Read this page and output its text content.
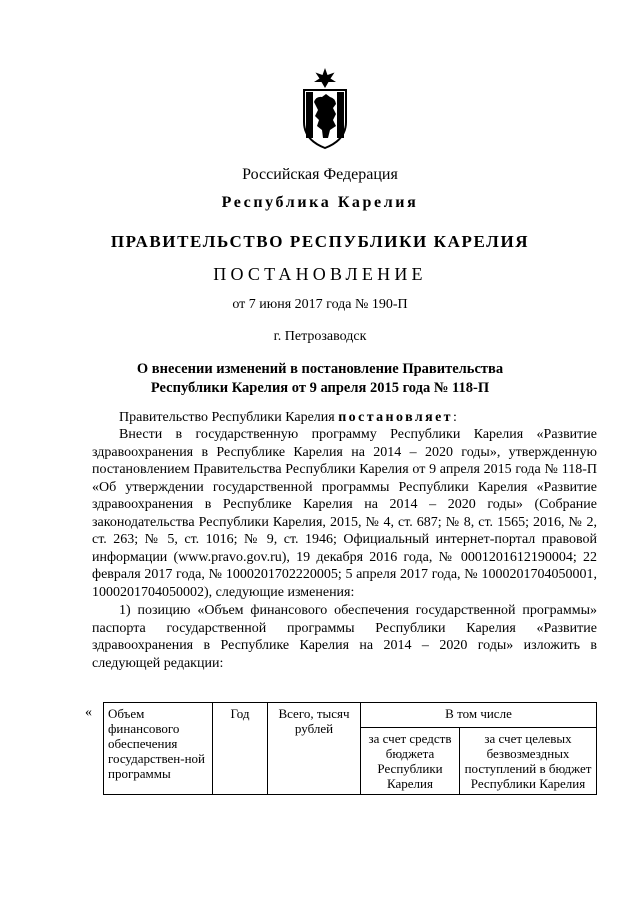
Российская Федерация
Республика Карелия
ПРАВИТЕЛЬСТВО РЕСПУБЛИКИ КАРЕЛИЯ
ПОСТАНОВЛЕНИЕ
от 7 июня 2017 года № 190-П
г. Петрозаводск
О внесении изменений в постановление Правительства
Республики Карелия от 9 апреля 2015 года № 118-П
Правительство Республики Карелия постановляет:
Внести в государственную программу Республики Карелия «Развитие здравоохранения в Республике Карелия на 2014 – 2020 годы», утвержденную постановлением Правительства Республики Карелия от 9 апреля 2015 года № 118-П «Об утверждении государственной программы Республики Карелия «Развитие здравоохранения в Республике Карелия на 2014 – 2020 годы» (Собрание законодательства Республики Карелия, 2015, № 4, ст. 687; № 8, ст. 1565; 2016, № 2, ст. 263; № 5, ст. 1016; № 9, ст. 1946; Официальный интернет-портал правовой информации (www.pravo.gov.ru), 19 декабря 2016 года, № 0001201612190004; 22 февраля 2017 года, № 1000201702220005; 5 апреля 2017 года, № 1000201704050001, 1000201704050002), следующие изменения:
1) позицию «Объем финансового обеспечения государственной программы» паспорта государственной программы Республики Карелия «Развитие здравоохранения в Республике Карелия на 2014 – 2020 годы» изложить в следующей редакции:
« Объем финансового обеспечения государствен-ной программы	Год	Всего, тысяч рублей	В том числе	
			за счет средств бюджета Республики Карелия	за счет целевых безвозмездных поступлений в бюджет Республики Карелия
